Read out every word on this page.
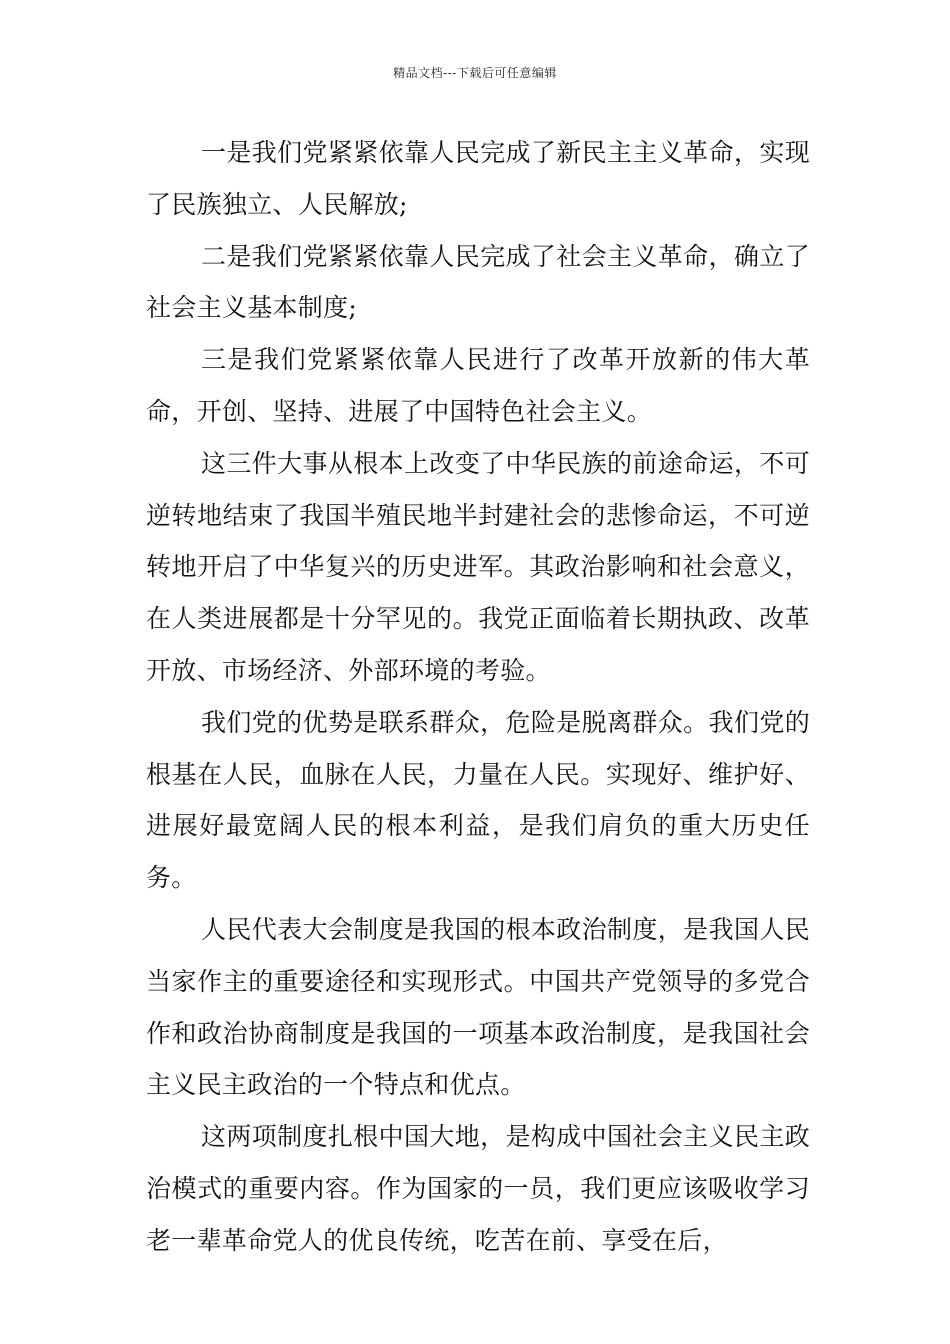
精品文档---下载后可任意编辑

一是我们党紧紧依靠人民完成了新民主主义革命，实现了民族独立、人民解放;

二是我们党紧紧依靠人民完成了社会主义革命，确立了社会主义基本制度;

三是我们党紧紧依靠人民进行了改革开放新的伟大革命，开创、坚持、进展了中国特色社会主义。

这三件大事从根本上改变了中华民族的前途命运，不可逆转地结束了我国半殖民地半封建社会的悲惨命运，不可逆转地开启了中华复兴的历史进军。其政治影响和社会意义，在人类进展都是十分罕见的。我党正面临着长期执政、改革开放、市场经济、外部环境的考验。

我们党的优势是联系群众，危险是脱离群众。我们党的根基在人民，血脉在人民，力量在人民。实现好、维护好、进展好最宽阔人民的根本利益，是我们肩负的重大历史任务。

人民代表大会制度是我国的根本政治制度，是我国人民当家作主的重要途径和实现形式。中国共产党领导的多党合作和政治协商制度是我国的一项基本政治制度，是我国社会主义民主政治的一个特点和优点。

这两项制度扎根中国大地，是构成中国社会主义民主政治模式的重要内容。作为国家的一员，我们更应该吸收学习老一辈革命党人的优良传统，吃苦在前、享受在后，
